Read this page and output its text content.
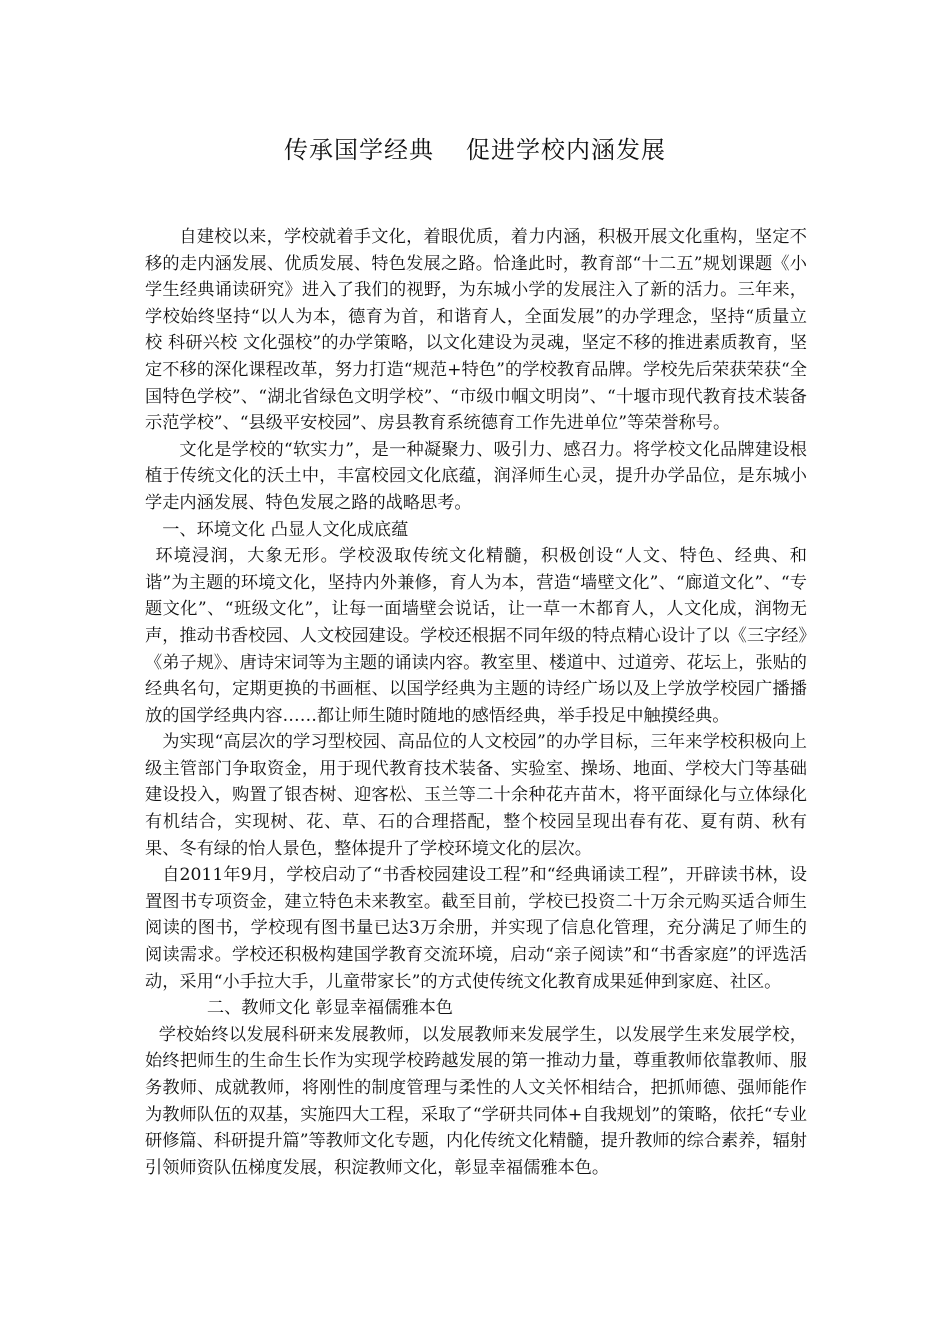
传承国学经典 促进学校内涵发展

自建校以来，学校就着手文化，着眼优质，着力内涵，积极开展文化重构，坚定不移的走内涵发展、优质发展、特色发展之路。恰逢此时，教育部“十二五”规划课题《小学生经典诵读研究》进入了我们的视野，为东城小学的发展注入了新的活力。三年来，学校始终坚持“以人为本，德育为首，和谐育人，全面发展”的办学理念，坚持“质量立校 科研兴校 文化强校”的办学策略，以文化建设为灵魂，坚定不移的推进素质教育，坚定不移的深化课程改革，努力打造“规范+特色”的学校教育品牌。学校先后荣获荣获“全国特色学校”、“湖北省绿色文明学校”、“市级巾帼文明岗”、“十堰市现代教育技术装备示范学校”、“县级平安校园”、房县教育系统德育工作先进单位”等荣誉称号。

文化是学校的“软实力”，是一种凝聚力、吸引力、感召力。将学校文化品牌建设根植于传统文化的沃土中，丰富校园文化底蕴，润泽师生心灵，提升办学品位，是东城小学走内涵发展、特色发展之路的战略思考。

一、环境文化 凸显人文化成底蕴

环境浸润，大象无形。学校汲取传统文化精髓，积极创设“人文、特色、经典、和谐”为主题的环境文化，坚持内外兼修，育人为本，营造“墙壁文化”、“廊道文化”、“专题文化”、“班级文化”，让每一面墙壁会说话，让一草一木都育人，人文化成，润物无声，推动书香校园、人文校园建设。学校还根据不同年级的特点精心设计了以《三字经》《弟子规》、唐诗宋词等为主题的诵读内容。教室里、楼道中、过道旁、花坛上，张贴的经典名句，定期更换的书画框、以国学经典为主题的诗经广场以及上学放学校园广播播放的国学经典内容……都让师生随时随地的感悟经典，举手投足中触摸经典。

为实现“高层次的学习型校园、高品位的人文校园”的办学目标，三年来学校积极向上级主管部门争取资金，用于现代教育技术装备、实验室、操场、地面、学校大门等基础建设投入，购置了银杏树、迎客松、玉兰等二十余种花卉苗木，将平面绿化与立体绿化有机结合，实现树、花、草、石的合理搭配，整个校园呈现出春有花、夏有荫、秋有果、冬有绿的怡人景色，整体提升了学校环境文化的层次。

自2011年9月，学校启动了“书香校园建设工程”和“经典诵读工程”，开辟读书林，设置图书专项资金，建立特色未来教室。截至目前，学校已投资二十万余元购买适合师生阅读的图书，学校现有图书量已达3万余册，并实现了信息化管理，充分满足了师生的阅读需求。学校还积极构建国学教育交流环境，启动“亲子阅读”和“书香家庭”的评选活动，采用“小手拉大手，儿童带家长”的方式使传统文化教育成果延伸到家庭、社区。

二、教师文化 彰显幸福儒雅本色

学校始终以发展科研来发展教师，以发展教师来发展学生，以发展学生来发展学校，始终把师生的生命生长作为实现学校跨越发展的第一推动力量，尊重教师依靠教师、服务教师、成就教师，将刚性的制度管理与柔性的人文关怀相结合，把抓师德、强师能作为教师队伍的双基，实施四大工程，采取了“学研共同体+自我规划”的策略，依托“专业研修篇、科研提升篇”等教师文化专题，内化传统文化精髓，提升教师的综合素养，辐射引领师资队伍梯度发展，积淀教师文化，彰显幸福儒雅本色。
